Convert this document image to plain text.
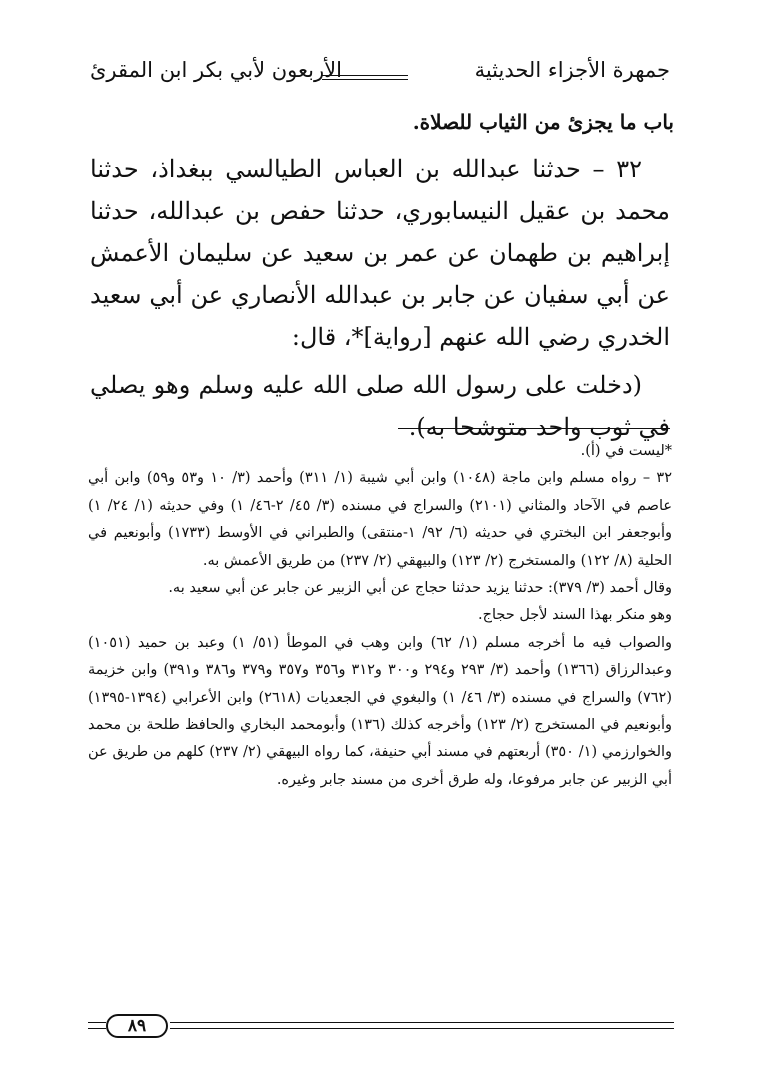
جمهرة الأجزاء الحديثية
الأربعون لأبي بكر ابن المقرئ
باب ما يجزئ من الثياب للصلاة.

٣٢ – حدثنا عبدالله بن العباس الطيالسي ببغداذ، حدثنا محمد بن عقيل النيسابوري، حدثنا حفص بن عبدالله، حدثنا إبراهيم بن طهمان عن عمر بن سعيد عن سليمان الأعمش عن أبي سفيان عن جابر بن عبدالله الأنصاري عن أبي سعيد الخدري رضي الله عنهم [رواية]*، قال:

(دخلت على رسول الله صلى الله عليه وسلم وهو يصلي في ثوب واحد متوشحا به).

*ليست في (أ).

٣٢ – رواه مسلم وابن ماجة (١٠٤٨) وابن أبي شيبة (١/ ٣١١) وأحمد (٣/ ١٠ و٥٣ و٥٩) وابن أبي عاصم في الآحاد والمثاني (٢١٠١) والسراج في مسنده (٣/ ٤٥/ ٢-٤٦/ ١) وفي حديثه (١/ ٢٤/ ١) وأبوجعفر ابن البختري في حديثه (٦/ ٩٢/ ١-منتقى) والطبراني في الأوسط (١٧٣٣) وأبونعيم في الحلية (٨/ ١٢٢) والمستخرج (٢/ ١٢٣) والبيهقي (٢/ ٢٣٧) من طريق الأعمش به.

وقال أحمد (٣/ ٣٧٩): حدثنا يزيد حدثنا حجاج عن أبي الزبير عن جابر عن أبي سعيد به.

وهو منكر بهذا السند لأجل حجاج.

والصواب فيه ما أخرجه مسلم (١/ ٦٢) وابن وهب في الموطأ (٥١/ ١) وعبد بن حميد (١٠٥١) وعبدالرزاق (١٣٦٦) وأحمد (٣/ ٢٩٣ و٢٩٤ و٣٠٠ و٣١٢ و٣٥٦ و٣٥٧ و٣٧٩ و٣٨٦ و٣٩١) وابن خزيمة (٧٦٢) والسراج في مسنده (٣/ ٤٦/ ١) والبغوي في الجعديات (٢٦١٨) وابن الأعرابي (١٣٩٤-١٣٩٥) وأبونعيم في المستخرج (٢/ ١٢٣) وأخرجه كذلك (١٣٦) وأبومحمد البخاري والحافظ طلحة بن محمد والخوارزمي (١/ ٣٥٠) أربعتهم في مسند أبي حنيفة، كما رواه البيهقي (٢/ ٢٣٧) كلهم من طريق عن أبي الزبير عن جابر مرفوعا، وله طرق أخرى من مسند جابر وغيره.

٨٩
